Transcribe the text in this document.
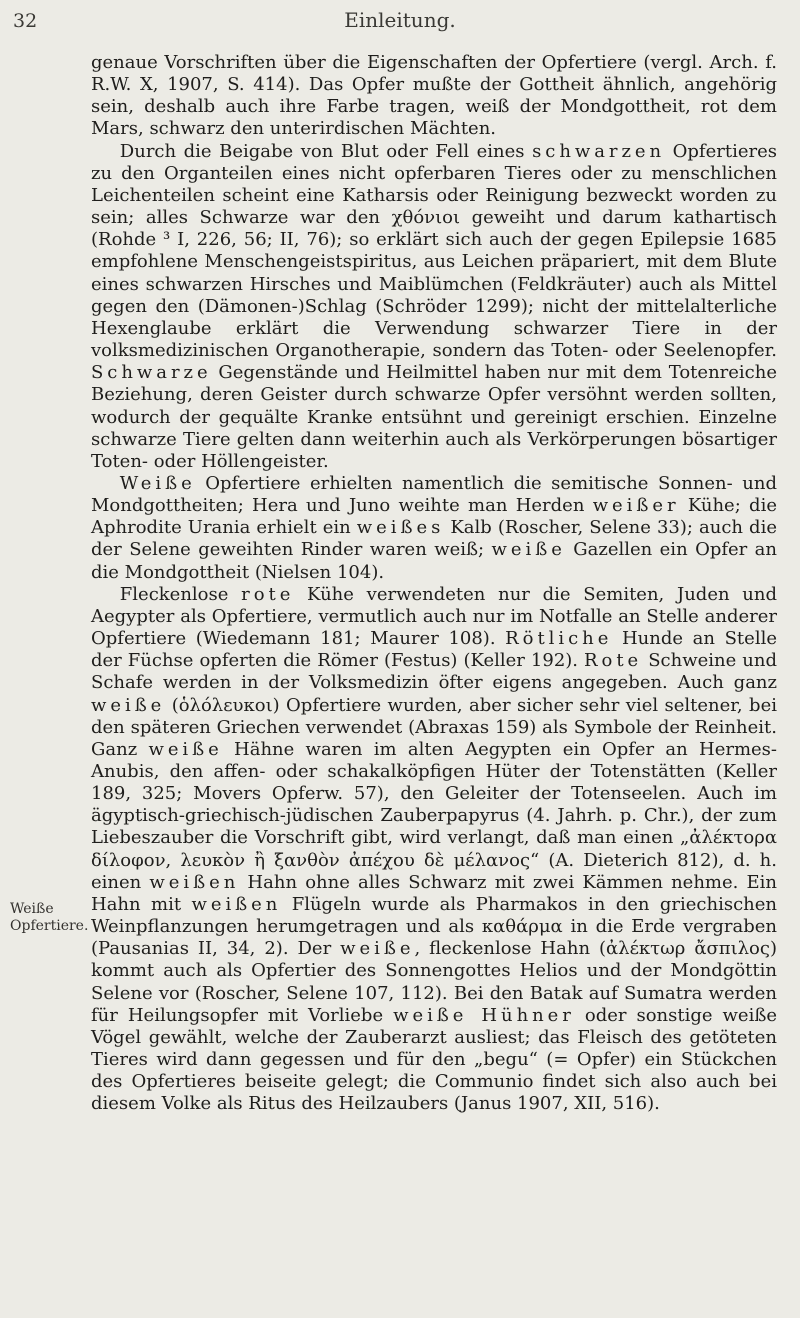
32	Einleitung.
Weiße
Opfertiere.

genaue Vorschriften über die Eigenschaften der Opfertiere (vergl. Arch. f. R.W. X, 1907, S. 414). Das Opfer mußte der Gottheit ähnlich, angehörig sein, deshalb auch ihre Farbe tragen, weiß der Mondgottheit, rot dem Mars, schwarz den unterirdischen Mächten.

Durch die Beigabe von Blut oder Fell eines schwarzen Opfertieres zu den Organteilen eines nicht opferbaren Tieres oder zu menschlichen Leichenteilen scheint eine Katharsis oder Reinigung bezweckt worden zu sein; alles Schwarze war den χθόνιοι geweiht und darum kathartisch (Rohde ³ I, 226, 56; II, 76); so erklärt sich auch der gegen Epilepsie 1685 empfohlene Menschengeistspiritus, aus Leichen präpariert, mit dem Blute eines schwarzen Hirsches und Maiblümchen (Feldkräuter) auch als Mittel gegen den (Dämonen-)Schlag (Schröder 1299); nicht der mittelalterliche Hexenglaube erklärt die Verwendung schwarzer Tiere in der volksmedizinischen Organotherapie, sondern das Toten- oder Seelenopfer. Schwarze Gegenstände und Heilmittel haben nur mit dem Totenreiche Beziehung, deren Geister durch schwarze Opfer versöhnt werden sollten, wodurch der gequälte Kranke entsühnt und gereinigt erschien. Einzelne schwarze Tiere gelten dann weiterhin auch als Verkörperungen bösartiger Toten- oder Höllengeister.

Weiße Opfertiere erhielten namentlich die semitische Sonnen- und Mondgottheiten; Hera und Juno weihte man Herden weißer Kühe; die Aphrodite Urania erhielt ein weißes Kalb (Roscher, Selene 33); auch die der Selene geweihten Rinder waren weiß; weiße Gazellen ein Opfer an die Mondgottheit (Nielsen 104).

Fleckenlose rote Kühe verwendeten nur die Semiten, Juden und Aegypter als Opfertiere, vermutlich auch nur im Notfalle an Stelle anderer Opfertiere (Wiedemann 181; Maurer 108). Rötliche Hunde an Stelle der Füchse opferten die Römer (Festus) (Keller 192). Rote Schweine und Schafe werden in der Volksmedizin öfter eigens angegeben. Auch ganz weiße (ὁλόλευκοι) Opfertiere wurden, aber sicher sehr viel seltener, bei den späteren Griechen verwendet (Abraxas 159) als Symbole der Reinheit. Ganz weiße Hähne waren im alten Aegypten ein Opfer an Hermes-Anubis, den affen- oder schakalköpfigen Hüter der Totenstätten (Keller 189, 325; Movers Opferw. 57), den Geleiter der Totenseelen. Auch im ägyptisch-griechisch-jüdischen Zauberpapyrus (4. Jahrh. p. Chr.), der zum Liebeszauber die Vorschrift gibt, wird verlangt, daß man einen „ἀλέκτορα δίλοφον, λευκὸν ἢ ξανθὸν ἀπέχου δὲ μέλανος“ (A. Dieterich 812), d. h. einen weißen Hahn ohne alles Schwarz mit zwei Kämmen nehme. Ein Hahn mit weißen Flügeln wurde als Pharmakos in den griechischen Weinpflanzungen herumgetragen und als καθάρμα in die Erde vergraben (Pausanias II, 34, 2). Der weiße, fleckenlose Hahn (ἀλέκτωρ ἄσπιλος) kommt auch als Opfertier des Sonnengottes Helios und der Mondgöttin Selene vor (Roscher, Selene 107, 112). Bei den Batak auf Sumatra werden für Heilungsopfer mit Vorliebe weiße Hühner oder sonstige weiße Vögel gewählt, welche der Zauberarzt ausliest; das Fleisch des getöteten Tieres wird dann gegessen und für den „begu“ (= Opfer) ein Stückchen des Opfertieres beiseite gelegt; die Communio findet sich also auch bei diesem Volke als Ritus des Heilzaubers (Janus 1907, XII, 516).
